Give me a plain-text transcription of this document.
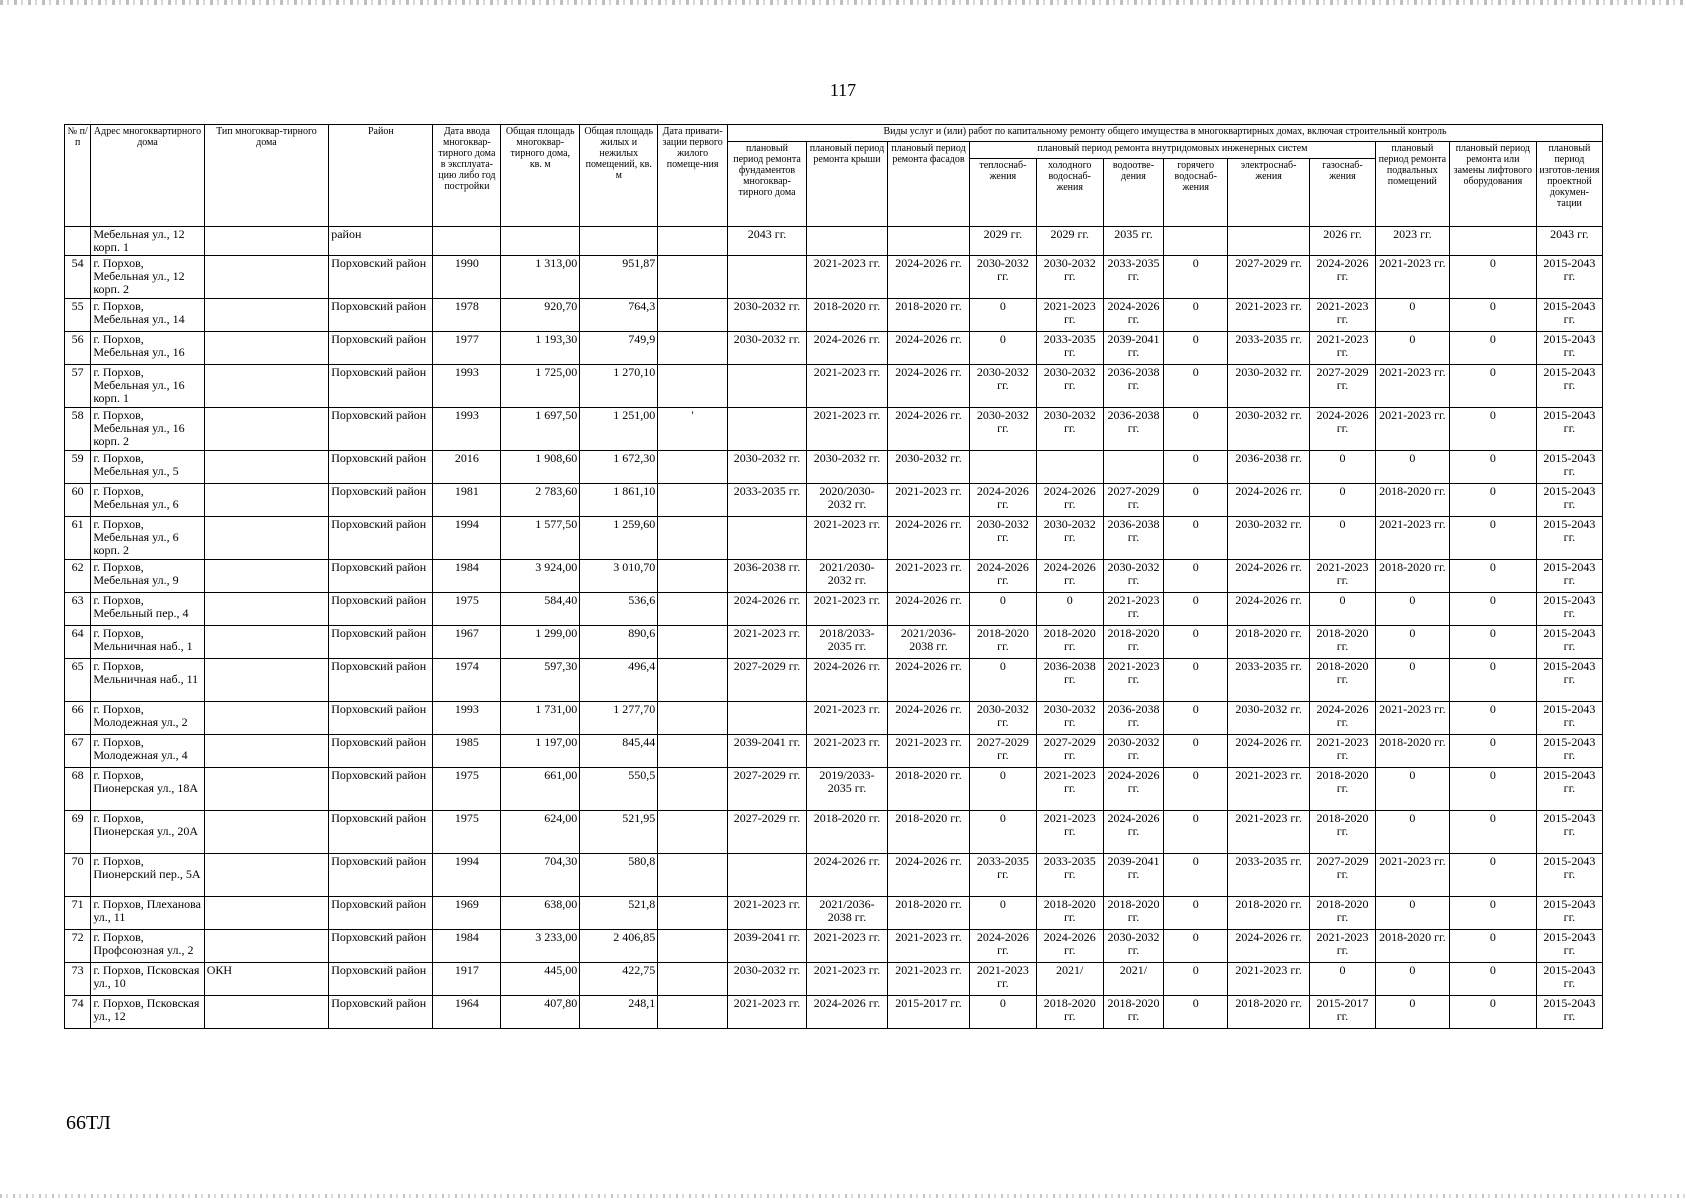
117
№ п/п	Адрес многоквартирного дома	Тип многоквар-тирного дома	Район	Дата ввода многоквар-тирного дома в эксплуата-цию либо год постройки	Общая площадь многоквар-тирного дома, кв. м	Общая площадь жилых и нежилых помещений, кв. м	Дата привати-зации первого жилого помеще-ния	Виды услуг и (или) работ по капитальному ремонту общего имущества в многоквартирных домах, включая строительный контроль											
								плановый период ремонта фундаментов многоквар-тирного дома	плановый период ремонта крыши	плановый период ремонта фасадов	плановый период ремонта внутридомовых инженерных систем						плановый период ремонта подвальных помещений	плановый период ремонта или замены лифтового оборудования	плановый период изготов-ления проектной докумен-тации
											теплоснаб-жения	холодного водоснаб-жения	водоотве-дения	горячего водоснаб-жения	электроснаб-жения	газоснаб-жения			
	Мебельная ул., 12 корп. 1		район					2043 гг.			2029 гг.	2029 гг.	2035 гг.			2026 гг.	2023 гг.		2043 гг.
54	г. Порхов, Мебельная ул., 12 корп. 2		Порховский район	1990	1 313,00	951,87			2021-2023 гг.	2024-2026 гг.	2030-2032 гг.	2030-2032 гг.	2033-2035 гг.	0	2027-2029 гг.	2024-2026 гг.	2021-2023 гг.	0	2015-2043 гг.
55	г. Порхов, Мебельная ул., 14		Порховский район	1978	920,70	764,3		2030-2032 гг.	2018-2020 гг.	2018-2020 гг.	0	2021-2023 гг.	2024-2026 гг.	0	2021-2023 гг.	2021-2023 гг.	0	0	2015-2043 гг.
56	г. Порхов, Мебельная ул., 16		Порховский район	1977	1 193,30	749,9		2030-2032 гг.	2024-2026 гг.	2024-2026 гг.	0	2033-2035 гг.	2039-2041 гг.	0	2033-2035 гг.	2021-2023 гг.	0	0	2015-2043 гг.
57	г. Порхов, Мебельная ул., 16 корп. 1		Порховский район	1993	1 725,00	1 270,10			2021-2023 гг.	2024-2026 гг.	2030-2032 гг.	2030-2032 гг.	2036-2038 гг.	0	2030-2032 гг.	2027-2029 гг.	2021-2023 гг.	0	2015-2043 гг.
58	г. Порхов, Мебельная ул., 16 корп. 2		Порховский район	1993	1 697,50	1 251,00	'		2021-2023 гг.	2024-2026 гг.	2030-2032 гг.	2030-2032 гг.	2036-2038 гг.	0	2030-2032 гг.	2024-2026 гг.	2021-2023 гг.	0	2015-2043 гг.
59	г. Порхов, Мебельная ул., 5		Порховский район	2016	1 908,60	1 672,30		2030-2032 гг.	2030-2032 гг.	2030-2032 гг.				0	2036-2038 гг.	0	0	0	2015-2043 гг.
60	г. Порхов, Мебельная ул., 6		Порховский район	1981	2 783,60	1 861,10		2033-2035 гг.	2020/2030-2032 гг.	2021-2023 гг.	2024-2026 гг.	2024-2026 гг.	2027-2029 гг.	0	2024-2026 гг.	0	2018-2020 гг.	0	2015-2043 гг.
61	г. Порхов, Мебельная ул., 6 корп. 2		Порховский район	1994	1 577,50	1 259,60			2021-2023 гг.	2024-2026 гг.	2030-2032 гг.	2030-2032 гг.	2036-2038 гг.	0	2030-2032 гг.	0	2021-2023 гг.	0	2015-2043 гг.
62	г. Порхов, Мебельная ул., 9		Порховский район	1984	3 924,00	3 010,70		2036-2038 гг.	2021/2030-2032 гг.	2021-2023 гг.	2024-2026 гг.	2024-2026 гг.	2030-2032 гг.	0	2024-2026 гг.	2021-2023 гг.	2018-2020 гг.	0	2015-2043 гг.
63	г. Порхов, Мебельный пер., 4		Порховский район	1975	584,40	536,6		2024-2026 гг.	2021-2023 гг.	2024-2026 гг.	0	0	2021-2023 гг.	0	2024-2026 гг.	0	0	0	2015-2043 гг.
64	г. Порхов, Мельничная наб., 1		Порховский район	1967	1 299,00	890,6		2021-2023 гг.	2018/2033-2035 гг.	2021/2036-2038 гг.	2018-2020 гг.	2018-2020 гг.	2018-2020 гг.	0	2018-2020 гг.	2018-2020 гг.	0	0	2015-2043 гг.
65	г. Порхов, Мельничная наб., 11		Порховский район	1974	597,30	496,4		2027-2029 гг.	2024-2026 гг.	2024-2026 гг.	0	2036-2038 гг.	2021-2023 гг.	0	2033-2035 гг.	2018-2020 гг.	0	0	2015-2043 гг.
66	г. Порхов, Молодежная ул., 2		Порховский район	1993	1 731,00	1 277,70			2021-2023 гг.	2024-2026 гг.	2030-2032 гг.	2030-2032 гг.	2036-2038 гг.	0	2030-2032 гг.	2024-2026 гг.	2021-2023 гг.	0	2015-2043 гг.
67	г. Порхов, Молодежная ул., 4		Порховский район	1985	1 197,00	845,44		2039-2041 гг.	2021-2023 гг.	2021-2023 гг.	2027-2029 гг.	2027-2029 гг.	2030-2032 гг.	0	2024-2026 гг.	2021-2023 гг.	2018-2020 гг.	0	2015-2043 гг.
68	г. Порхов, Пионерская ул., 18А		Порховский район	1975	661,00	550,5		2027-2029 гг.	2019/2033-2035 гг.	2018-2020 гг.	0	2021-2023 гг.	2024-2026 гг.	0	2021-2023 гг.	2018-2020 гг.	0	0	2015-2043 гг.
69	г. Порхов, Пионерская ул., 20А		Порховский район	1975	624,00	521,95		2027-2029 гг.	2018-2020 гг.	2018-2020 гг.	0	2021-2023 гг.	2024-2026 гг.	0	2021-2023 гг.	2018-2020 гг.	0	0	2015-2043 гг.
70	г. Порхов, Пионерский пер., 5А		Порховский район	1994	704,30	580,8			2024-2026 гг.	2024-2026 гг.	2033-2035 гг.	2033-2035 гг.	2039-2041 гг.	0	2033-2035 гг.	2027-2029 гг.	2021-2023 гг.	0	2015-2043 гг.
71	г. Порхов, Плеханова ул., 11		Порховский район	1969	638,00	521,8		2021-2023 гг.	2021/2036-2038 гг.	2018-2020 гг.	0	2018-2020 гг.	2018-2020 гг.	0	2018-2020 гг.	2018-2020 гг.	0	0	2015-2043 гг.
72	г. Порхов, Профсоюзная ул., 2		Порховский район	1984	3 233,00	2 406,85		2039-2041 гг.	2021-2023 гг.	2021-2023 гг.	2024-2026 гг.	2024-2026 гг.	2030-2032 гг.	0	2024-2026 гг.	2021-2023 гг.	2018-2020 гг.	0	2015-2043 гг.
73	г. Порхов, Псковская ул., 10	ОКН	Порховский район	1917	445,00	422,75		2030-2032 гг.	2021-2023 гг.	2021-2023 гг.	2021-2023 гг.	2021/	2021/	0	2021-2023 гг.	0	0	0	2015-2043 гг.
74	г. Порхов, Псковская ул., 12		Порховский район	1964	407,80	248,1		2021-2023 гг.	2024-2026 гг.	2015-2017 гг.	0	2018-2020 гг.	2018-2020 гг.	0	2018-2020 гг.	2015-2017 гг.	0	0	2015-2043 гг.
66ТЛ
